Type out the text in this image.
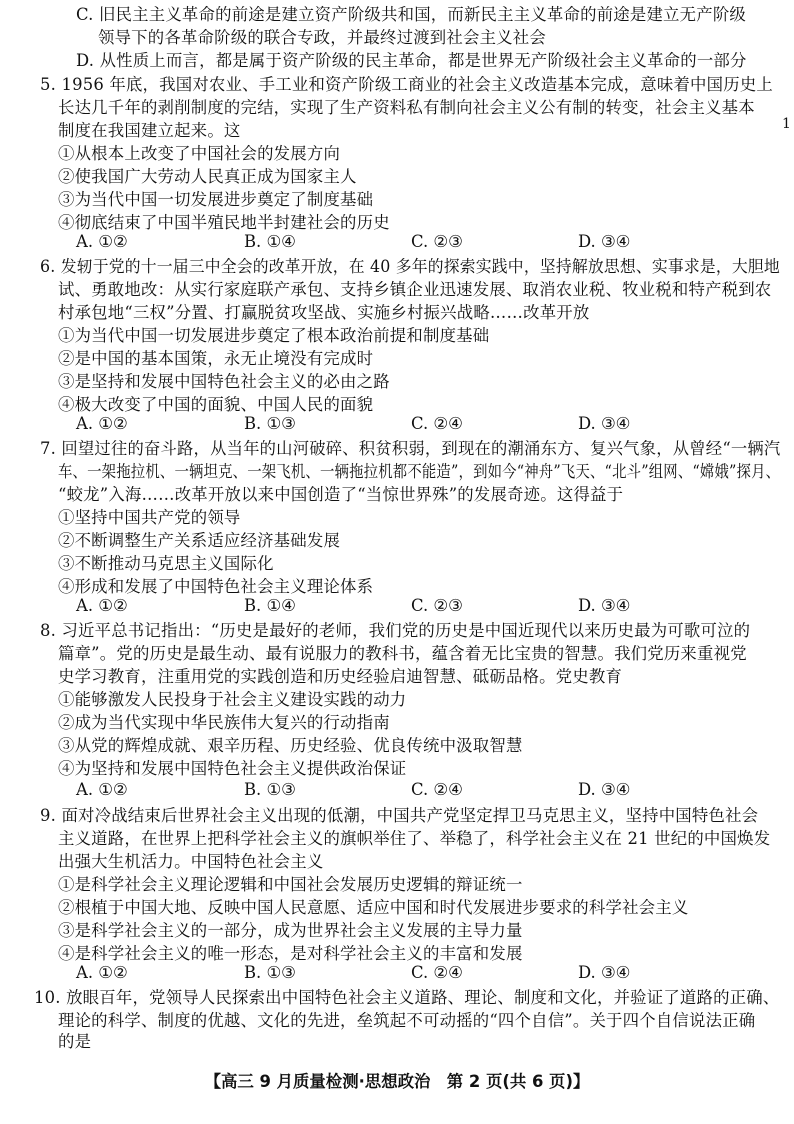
C. 旧民主主义革命的前途是建立资产阶级共和国，而新民主主义革命的前途是建立无产阶级
领导下的各革命阶级的联合专政，并最终过渡到社会主义社会
D. 从性质上而言，都是属于资产阶级的民主革命，都是世界无产阶级社会主义革命的一部分
1
5. 1956 年底，我国对农业、手工业和资产阶级工商业的社会主义改造基本完成，意味着中国历史上
长达几千年的剥削制度的完结，实现了生产资料私有制向社会主义公有制的转变，社会主义基本
制度在我国建立起来。这
①从根本上改变了中国社会的发展方向
②使我国广大劳动人民真正成为国家主人
③为当代中国一切发展进步奠定了制度基础
④彻底结束了中国半殖民地半封建社会的历史
A. ①②	B. ①④	C. ②③	D. ③④
6. 发轫于党的十一届三中全会的改革开放，在 40 多年的探索实践中，坚持解放思想、实事求是，大胆地
试、勇敢地改：从实行家庭联产承包、支持乡镇企业迅速发展、取消农业税、牧业税和特产税到农
村承包地“三权”分置、打赢脱贫攻坚战、实施乡村振兴战略……改革开放
①为当代中国一切发展进步奠定了根本政治前提和制度基础
②是中国的基本国策，永无止境没有完成时
③是坚持和发展中国特色社会主义的必由之路
④极大改变了中国的面貌、中国人民的面貌
A. ①②	B. ①③	C. ②④	D. ③④
7. 回望过往的奋斗路，从当年的山河破碎、积贫积弱，到现在的潮涌东方、复兴气象，从曾经“一辆汽
车、一架拖拉机、一辆坦克、一架飞机、一辆拖拉机都不能造”，到如今“神舟”飞天、“北斗”组网、“嫦娥”探月、
“蛟龙”入海……改革开放以来中国创造了“当惊世界殊”的发展奇迹。这得益于
①坚持中国共产党的领导
②不断调整生产关系适应经济基础发展
③不断推动马克思主义国际化
④形成和发展了中国特色社会主义理论体系
A. ①②	B. ①④	C. ②③	D. ③④
8. 习近平总书记指出：“历史是最好的老师，我们党的历史是中国近现代以来历史最为可歌可泣的
篇章”。党的历史是最生动、最有说服力的教科书，蕴含着无比宝贵的智慧。我们党历来重视党
史学习教育，注重用党的实践创造和历史经验启迪智慧、砥砺品格。党史教育
①能够激发人民投身于社会主义建设实践的动力
②成为当代实现中华民族伟大复兴的行动指南
③从党的辉煌成就、艰辛历程、历史经验、优良传统中汲取智慧
④为坚持和发展中国特色社会主义提供政治保证
A. ①②	B. ①③	C. ②④	D. ③④
9. 面对冷战结束后世界社会主义出现的低潮，中国共产党坚定捍卫马克思主义，坚持中国特色社会
主义道路，在世界上把科学社会主义的旗帜举住了、举稳了，科学社会主义在 21 世纪的中国焕发
出强大生机活力。中国特色社会主义
①是科学社会主义理论逻辑和中国社会发展历史逻辑的辩证统一
②根植于中国大地、反映中国人民意愿、适应中国和时代发展进步要求的科学社会主义
③是科学社会主义的一部分，成为世界社会主义发展的主导力量
④是科学社会主义的唯一形态，是对科学社会主义的丰富和发展
A. ①②	B. ①③	C. ②④	D. ③④
10. 放眼百年，党领导人民探索出中国特色社会主义道路、理论、制度和文化，并验证了道路的正确、
理论的科学、制度的优越、文化的先进，垒筑起不可动摇的“四个自信”。关于四个自信说法正确
的是
【高三 9 月质量检测·思想政治　第 2 页(共 6 页)】
